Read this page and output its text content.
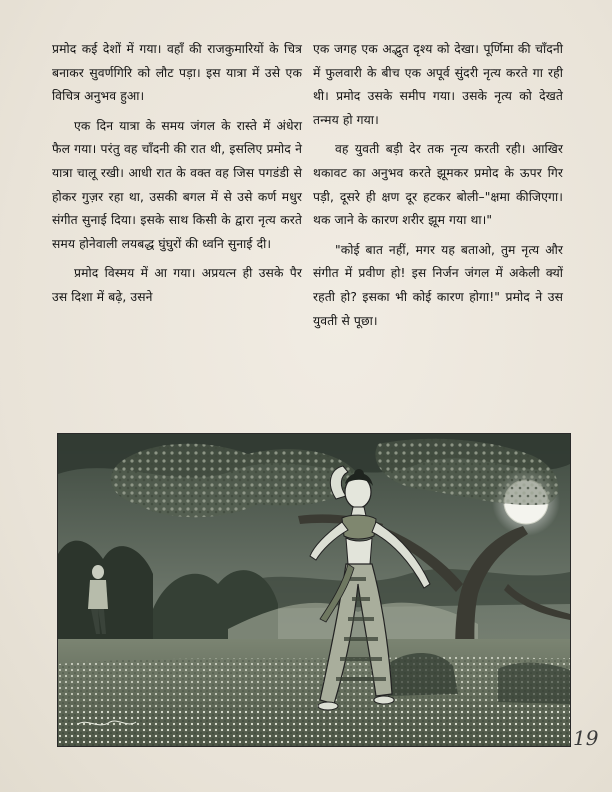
प्रमोद कई देशों में गया। वहाँ की राजकुमारियों के चित्र बनाकर सुवर्णगिरि को लौट पड़ा। इस यात्रा में उसे एक विचित्र अनुभव हुआ।

एक दिन यात्रा के समय जंगल के रास्ते में अंधेरा फैल गया। परंतु वह चाँदनी की रात थी, इसलिए प्रमोद ने यात्रा चालू रखी। आधी रात के वक्त वह जिस पगडंडी से होकर गुज़र रहा था, उसकी बगल में से उसे कर्ण मधुर संगीत सुनाई दिया। इसके साथ किसी के द्वारा नृत्य करते समय होनेवाली लयबद्ध घुंघुरों की ध्वनि सुनाई दी।

प्रमोद विस्मय में आ गया। अप्रयत्न ही उसके पैर उस दिशा में बढ़े, उसने

एक जगह एक अद्भुत दृश्य को देखा। पूर्णिमा की चाँदनी में फुलवारी के बीच एक अपूर्व सुंदरी नृत्य करते गा रही थी। प्रमोद उसके समीप गया। उसके नृत्य को देखते तन्मय हो गया।

वह युवती बड़ी देर तक नृत्य करती रही। आखिर थकावट का अनुभव करते झूमकर प्रमोद के ऊपर गिर पड़ी, दूसरे ही क्षण दूर हटकर बोली–"क्षमा कीजिएगा। थक जाने के कारण शरीर झूम गया था।"

"कोई बात नहीं, मगर यह बताओ, तुम नृत्य और संगीत में प्रवीण हो! इस निर्जन जंगल में अकेली क्यों रहती हो? इसका भी कोई कारण होगा!" प्रमोद ने उस युवती से पूछा।

19
